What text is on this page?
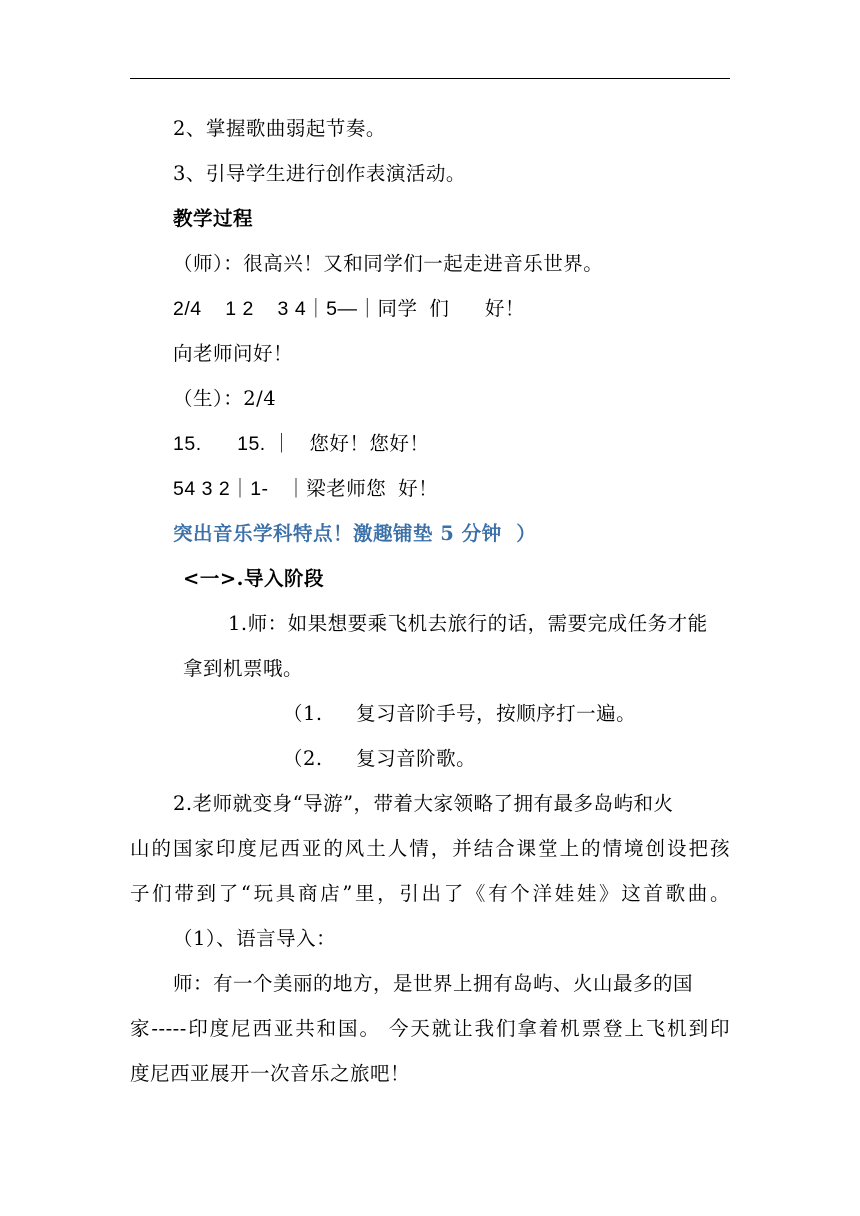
2、掌握歌曲弱起节奏。
3、引导学生进行创作表演活动。
教学过程
（师）：很高兴！又和同学们一起走进音乐世界。
2/4    1 2    3 4｜5—｜同学  们      好！
向老师问好！
（生）：2/4
15.      15. ｜   您好！您好！
54 3 2｜1-   ｜梁老师您  好！
突出音乐学科特点！激趣铺垫 5 分钟  ）
<一>.导入阶段
1.师：如果想要乘飞机去旅行的话，需要完成任务才能
拿到机票哦。
（1.     复习音阶手号，按顺序打一遍。
（2.     复习音阶歌。
2.老师就变身“导游”，带着大家领略了拥有最多岛屿和火
山的国家印度尼西亚的风土人情，并结合课堂上的情境创设把孩
子们带到了“玩具商店”里，引出了《有个洋娃娃》这首歌曲。
（1）、语言导入：
师：有一个美丽的地方，是世界上拥有岛屿、火山最多的国
家-----印度尼西亚共和国。 今天就让我们拿着机票登上飞机到印
度尼西亚展开一次音乐之旅吧！
